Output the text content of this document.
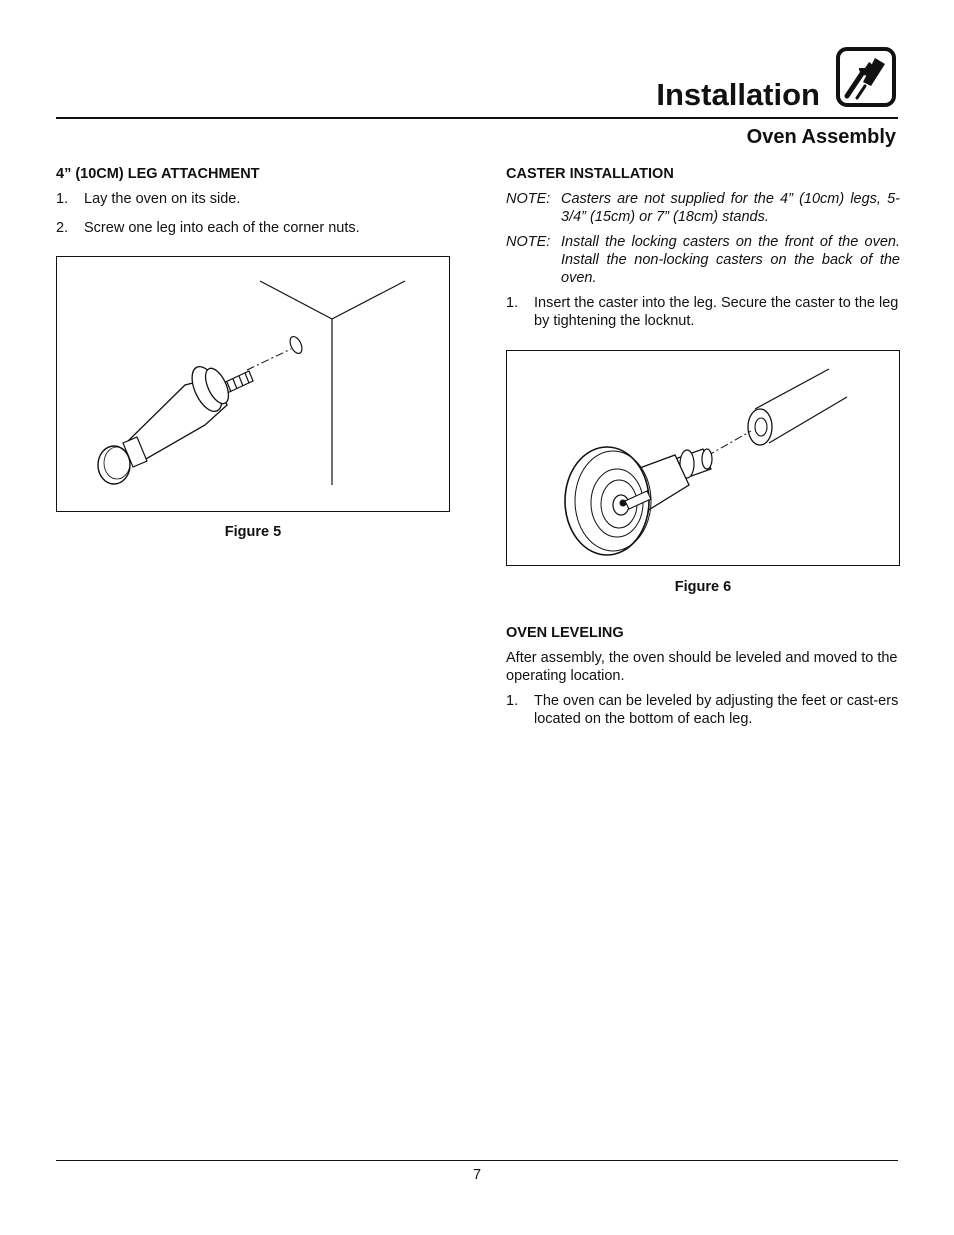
Installation
Oven Assembly
4” (10CM) LEG ATTACHMENT
1. Lay the oven on its side.
2. Screw one leg into each of the corner nuts.
Figure 5
CASTER INSTALLATION
NOTE: Casters are not supplied for the 4” (10cm) legs, 5-3/4” (15cm) or 7” (18cm) stands.
NOTE: Install the locking casters on the front of the oven. Install the non-locking casters on the back of the oven.
1. Insert the caster into the leg. Secure the caster to the leg by tightening the locknut.
Figure 6
OVEN LEVELING
After assembly, the oven should be leveled and moved to the operating location.
1. The oven can be leveled by adjusting the feet or cast-ers located on the bottom of each leg.
7
